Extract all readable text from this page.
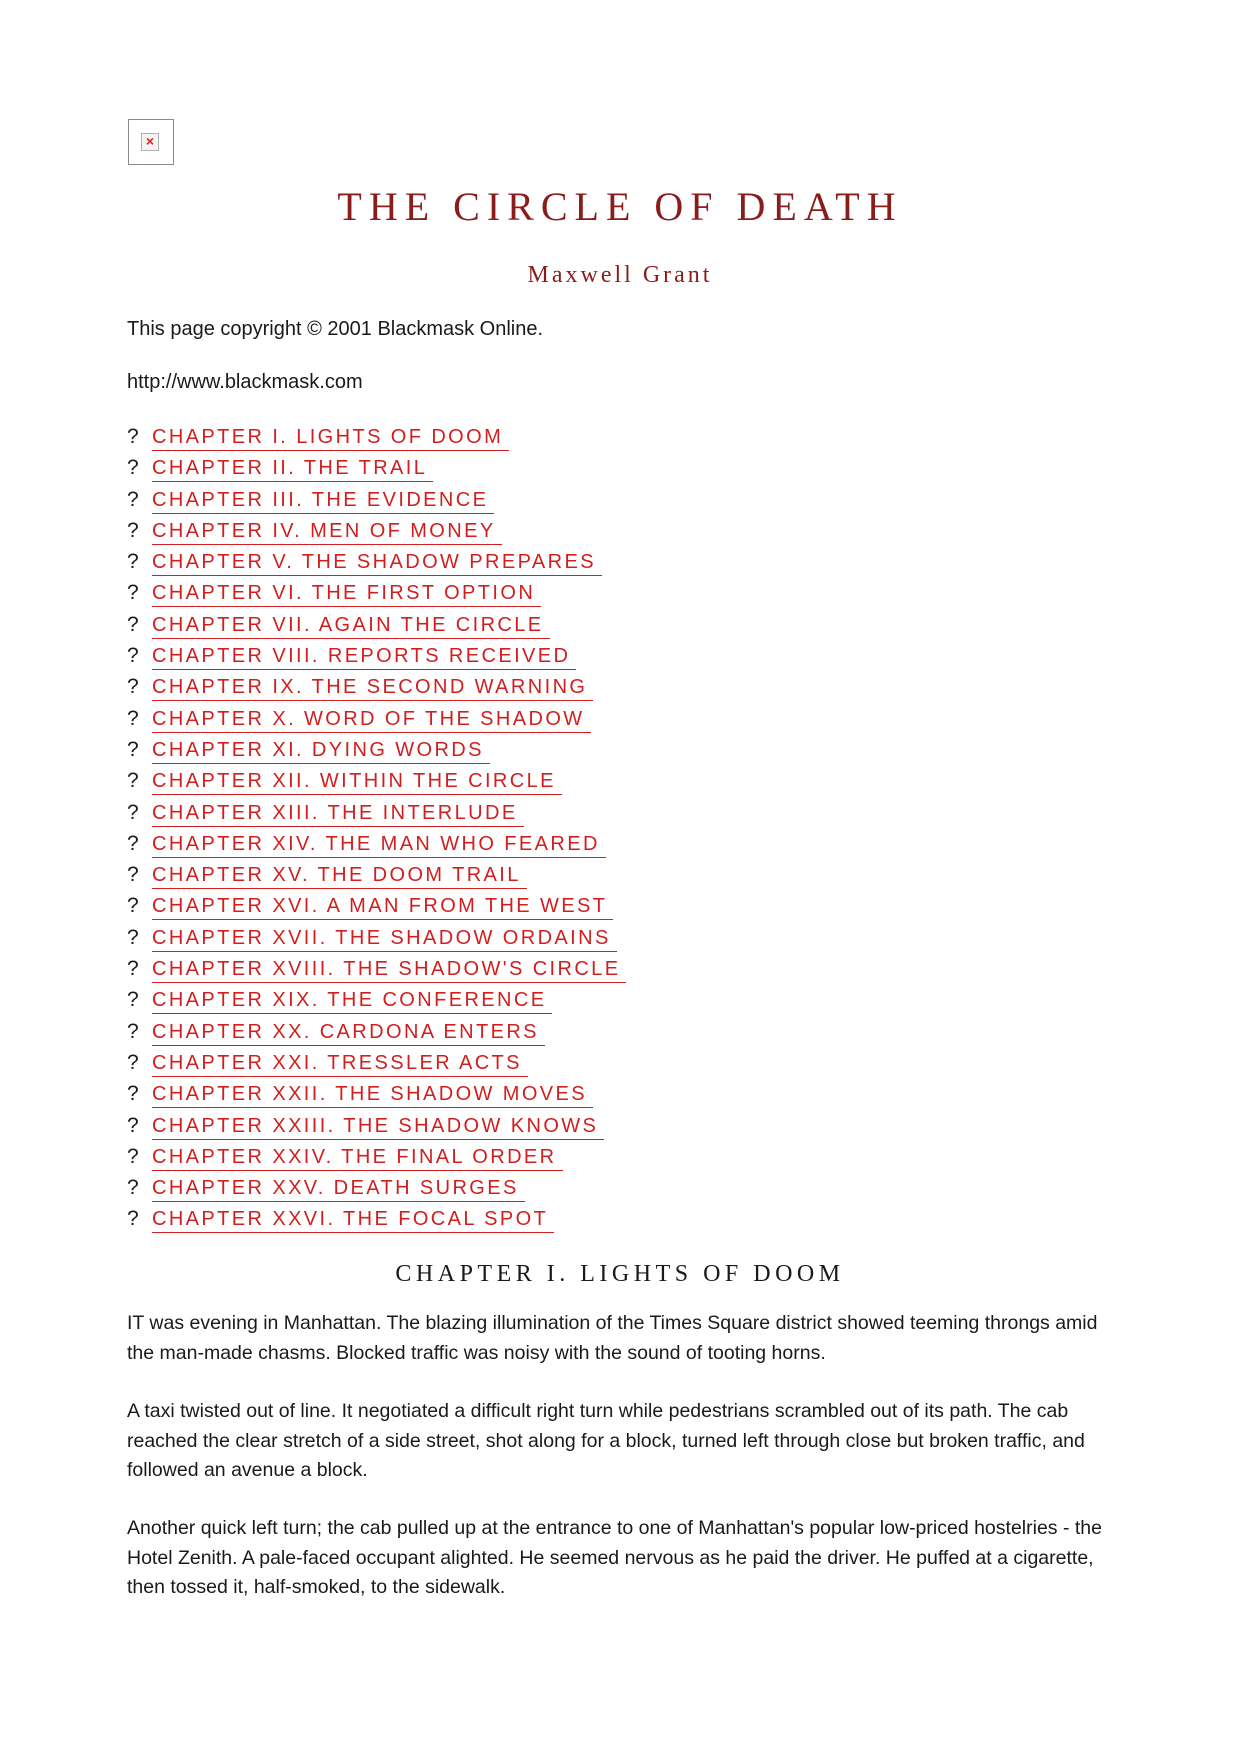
×
THE CIRCLE OF DEATH

Maxwell Grant

This page copyright © 2001 Blackmask Online.

http://www.blackmask.com

? CHAPTER I. LIGHTS OF DOOM
? CHAPTER II. THE TRAIL
? CHAPTER III. THE EVIDENCE
? CHAPTER IV. MEN OF MONEY
? CHAPTER V. THE SHADOW PREPARES
? CHAPTER VI. THE FIRST OPTION
? CHAPTER VII. AGAIN THE CIRCLE
? CHAPTER VIII. REPORTS RECEIVED
? CHAPTER IX. THE SECOND WARNING
? CHAPTER X. WORD OF THE SHADOW
? CHAPTER XI. DYING WORDS
? CHAPTER XII. WITHIN THE CIRCLE
? CHAPTER XIII. THE INTERLUDE
? CHAPTER XIV. THE MAN WHO FEARED
? CHAPTER XV. THE DOOM TRAIL
? CHAPTER XVI. A MAN FROM THE WEST
? CHAPTER XVII. THE SHADOW ORDAINS
? CHAPTER XVIII. THE SHADOW'S CIRCLE
? CHAPTER XIX. THE CONFERENCE
? CHAPTER XX. CARDONA ENTERS
? CHAPTER XXI. TRESSLER ACTS
? CHAPTER XXII. THE SHADOW MOVES
? CHAPTER XXIII. THE SHADOW KNOWS
? CHAPTER XXIV. THE FINAL ORDER
? CHAPTER XXV. DEATH SURGES
? CHAPTER XXVI. THE FOCAL SPOT
CHAPTER I. LIGHTS OF DOOM

IT was evening in Manhattan. The blazing illumination of the Times Square district showed teeming throngs amid the man-made chasms. Blocked traffic was noisy with the sound of tooting horns.

A taxi twisted out of line. It negotiated a difficult right turn while pedestrians scrambled out of its path. The cab reached the clear stretch of a side street, shot along for a block, turned left through close but broken traffic, and followed an avenue a block.

Another quick left turn; the cab pulled up at the entrance to one of Manhattan's popular low-priced hostelries - the Hotel Zenith. A pale-faced occupant alighted. He seemed nervous as he paid the driver. He puffed at a cigarette, then tossed it, half-smoked, to the sidewalk.
